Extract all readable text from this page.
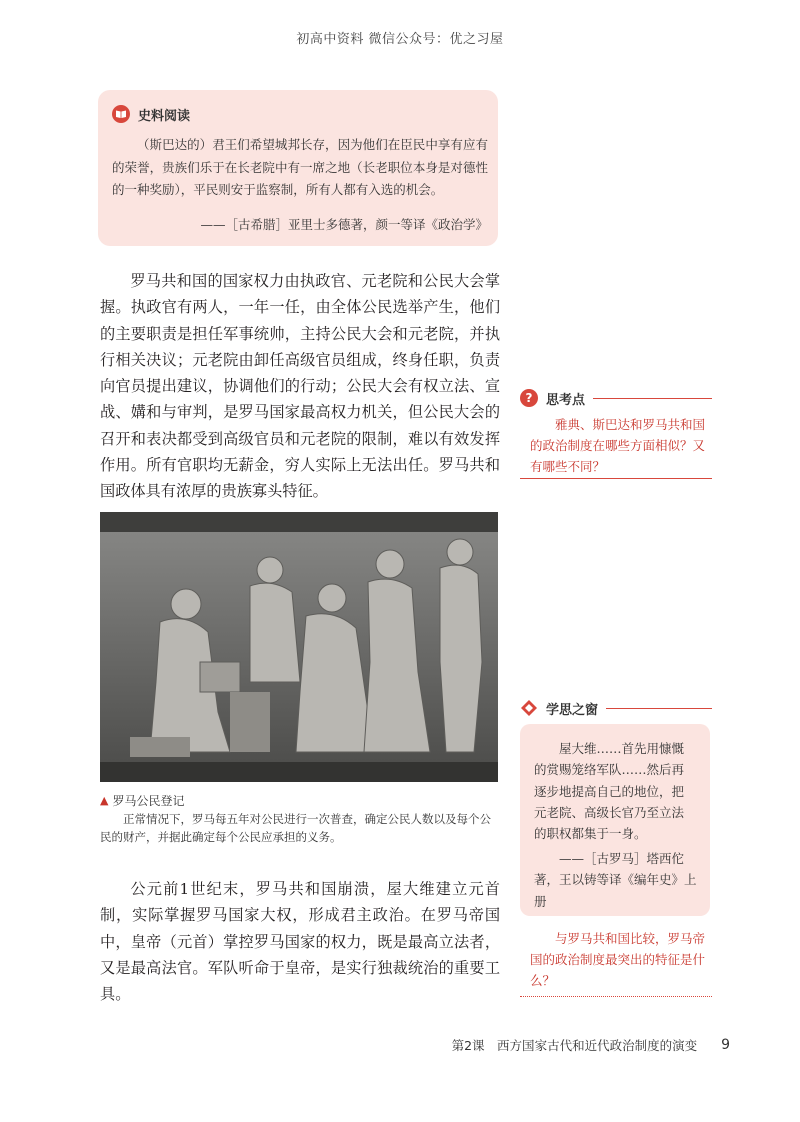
初高中资料 微信公众号：优之习屋
史料阅读
（斯巴达的）君王们希望城邦长存，因为他们在臣民中享有应有的荣誉，贵族们乐于在长老院中有一席之地（长老职位本身是对德性的一种奖励），平民则安于监察制，所有人都有入选的机会。
——［古希腊］亚里士多德著，颜一等译《政治学》
罗马共和国的国家权力由执政官、元老院和公民大会掌握。执政官有两人，一年一任，由全体公民选举产生，他们的主要职责是担任军事统帅，主持公民大会和元老院，并执行相关决议；元老院由卸任高级官员组成，终身任职，负责向官员提出建议，协调他们的行动；公民大会有权立法、宣战、媾和与审判，是罗马国家最高权力机关，但公民大会的召开和表决都受到高级官员和元老院的限制，难以有效发挥作用。所有官职均无薪金，穷人实际上无法出任。罗马共和国政体具有浓厚的贵族寡头特征。
▲ 罗马公民登记
正常情况下，罗马每五年对公民进行一次普查，确定公民人数以及每个公民的财产，并据此确定每个公民应承担的义务。
公元前1世纪末，罗马共和国崩溃，屋大维建立元首制，实际掌握罗马国家大权，形成君主政治。在罗马帝国中，皇帝（元首）掌控罗马国家的权力，既是最高立法者，又是最高法官。军队听命于皇帝，是实行独裁统治的重要工具。
?	思考点
雅典、斯巴达和罗马共和国的政治制度在哪些方面相似？又有哪些不同？
学思之窗
屋大维……首先用慷慨的赏赐笼络军队……然后再逐步地提高自己的地位，把元老院、高级长官乃至立法的职权都集于一身。
——［古罗马］塔西佗著，王以铸等译《编年史》上册
与罗马共和国比较，罗马帝国的政治制度最突出的特征是什么？
第2课　西方国家古代和近代政治制度的演变 9
